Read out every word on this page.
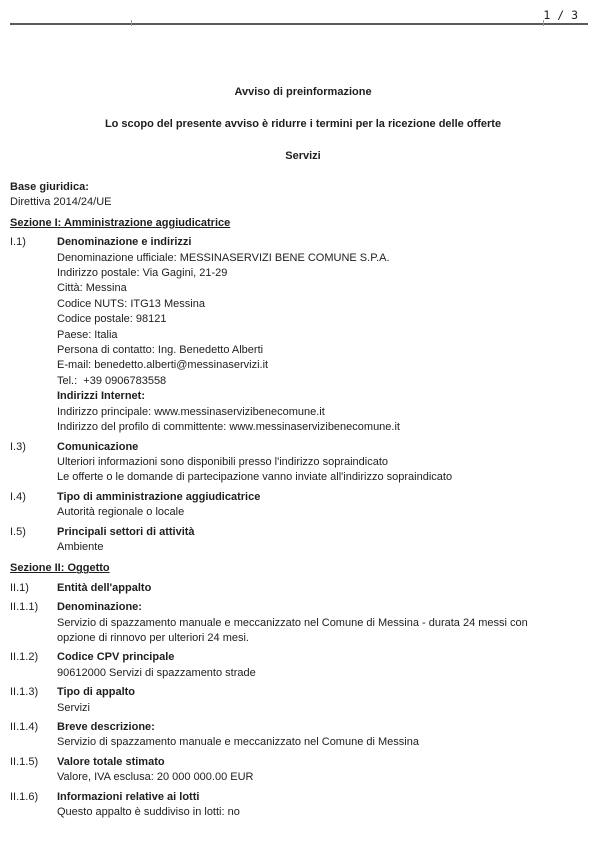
1 / 3
Avviso di preinformazione
Lo scopo del presente avviso è ridurre i termini per la ricezione delle offerte
Servizi
Base giuridica:
Direttiva 2014/24/UE
Sezione I: Amministrazione aggiudicatrice
I.1)	Denominazione e indirizzi
Denominazione ufficiale: MESSINASERVIZI BENE COMUNE S.P.A.
Indirizzo postale: Via Gagini, 21-29
Città: Messina
Codice NUTS: ITG13 Messina
Codice postale: 98121
Paese: Italia
Persona di contatto: Ing. Benedetto Alberti
E-mail: benedetto.alberti@messinaservizi.it
Tel.:  +39 0906783558
Indirizzi Internet:
Indirizzo principale: www.messinaservizibenecomune.it
Indirizzo del profilo di committente: www.messinaservizibenecomune.it
I.3)	Comunicazione
Ulteriori informazioni sono disponibili presso l'indirizzo sopraindicato
Le offerte o le domande di partecipazione vanno inviate all'indirizzo sopraindicato
I.4)	Tipo di amministrazione aggiudicatrice
Autorità regionale o locale
I.5)	Principali settori di attività
Ambiente
Sezione II: Oggetto
II.1)	Entità dell'appalto
II.1.1)	Denominazione:
Servizio di spazzamento manuale e meccanizzato nel Comune di Messina - durata 24 messi con opzione di rinnovo per ulteriori 24 mesi.
II.1.2)	Codice CPV principale
90612000 Servizi di spazzamento strade
II.1.3)	Tipo di appalto
Servizi
II.1.4)	Breve descrizione:
Servizio di spazzamento manuale e meccanizzato nel Comune di Messina
II.1.5)	Valore totale stimato
Valore, IVA esclusa: 20 000 000.00 EUR
II.1.6)	Informazioni relative ai lotti
Questo appalto è suddiviso in lotti: no
